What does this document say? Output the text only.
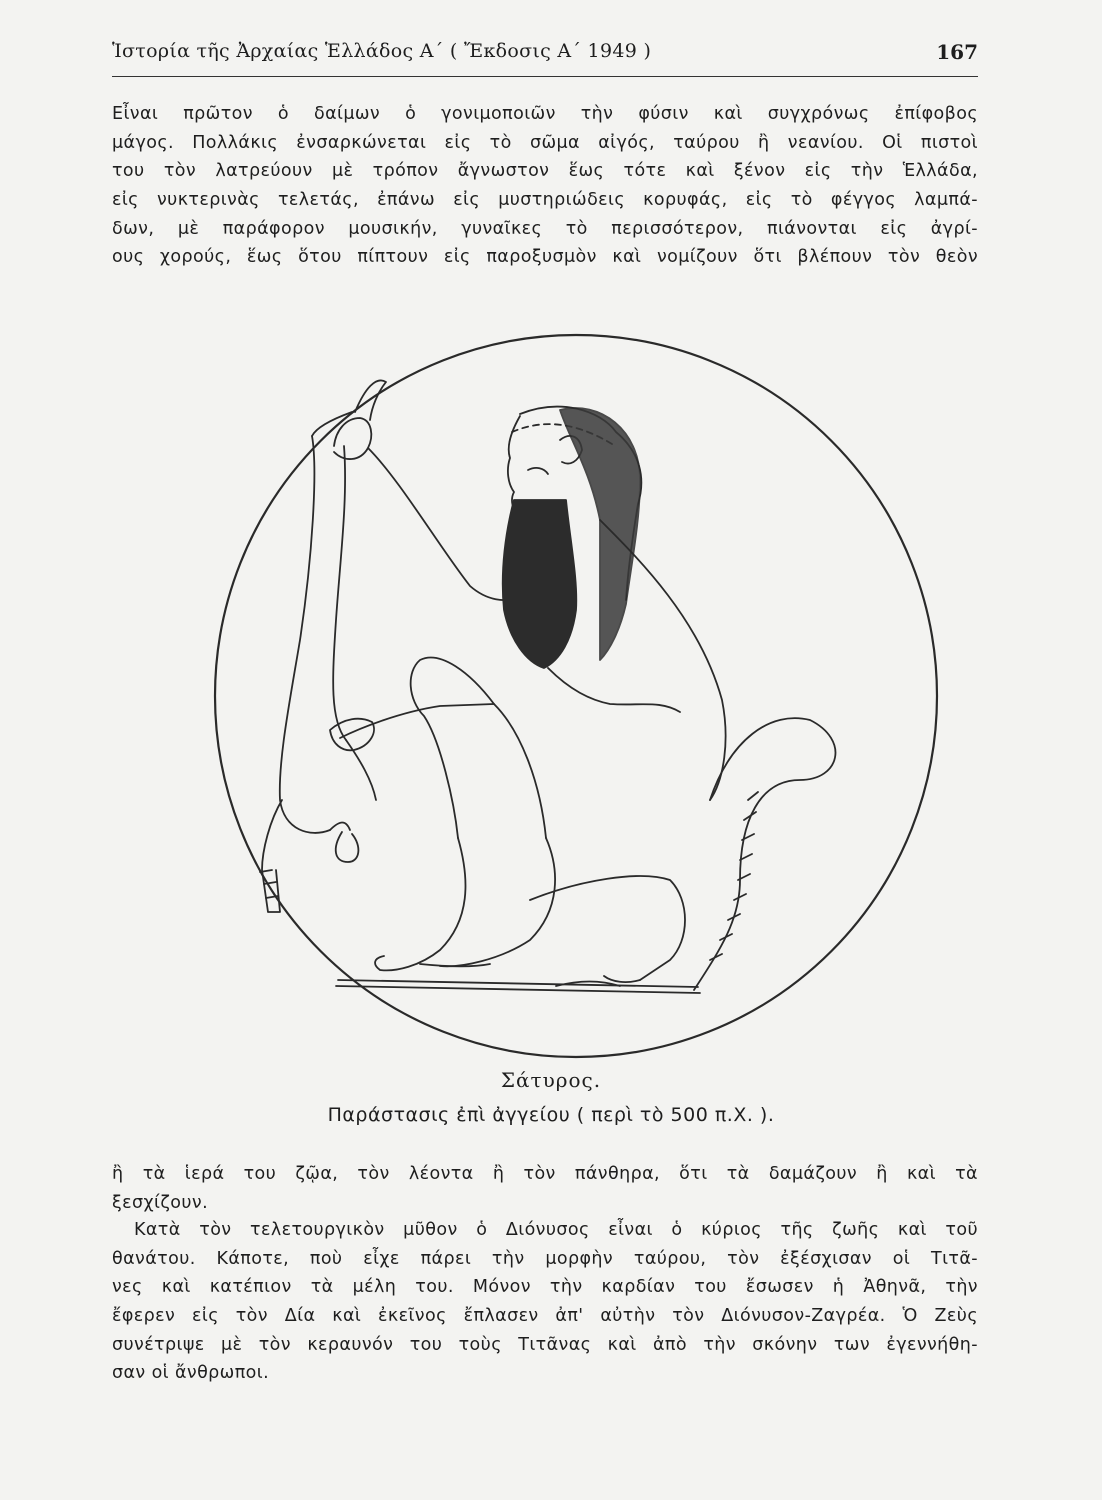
Ἱστορία τῆς Ἀρχαίας Ἑλλάδος Α΄ ( Ἔκδοσις Α΄ 1949 )	167
Εἶναι πρῶτον ὁ δαίμων ὁ γονιμοποιῶν τὴν φύσιν καὶ συγχρόνως ἐπίφοβος
μάγος. Πολλάκις ἐνσαρκώνεται εἰς τὸ σῶμα αἰγός, ταύρου ἢ νεανίου. Οἱ πιστοὶ
του τὸν λατρεύουν μὲ τρόπον ἄγνωστον ἕως τότε καὶ ξένον εἰς τὴν Ἑλλάδα,
εἰς νυκτερινὰς τελετάς, ἐπάνω εἰς μυστηριώδεις κορυφάς, εἰς τὸ φέγγος λαμπά-
δων, μὲ παράφορον μουσικήν, γυναῖκες τὸ περισσότερον, πιάνονται εἰς ἀγρί-
ους χορούς, ἕως ὅτου πίπτουν εἰς παροξυσμὸν καὶ νομίζουν ὅτι βλέπουν τὸν θεὸν
Σάτυρος.
Παράστασις ἐπὶ ἀγγείου ( περὶ τὸ 500 π.Χ. ).
ἢ τὰ ἱερά του ζῷα, τὸν λέοντα ἢ τὸν πάνθηρα, ὅτι τὰ δαμάζουν ἢ καὶ τὰ
ξεσχίζουν.
Κατὰ τὸν τελετουργικὸν μῦθον ὁ Διόνυσος εἶναι ὁ κύριος τῆς ζωῆς καὶ τοῦ
θανάτου. Κάποτε, ποὺ εἶχε πάρει τὴν μορφὴν ταύρου, τὸν ἐξέσχισαν οἱ Τιτᾶ-
νες καὶ κατέπιον τὰ μέλη του. Μόνον τὴν καρδίαν του ἔσωσεν ἡ Ἀθηνᾶ, τὴν
ἔφερεν εἰς τὸν Δία καὶ ἐκεῖνος ἔπλασεν ἀπ' αὐτὴν τὸν Διόνυσον-Ζαγρέα. Ὁ Ζεὺς
συνέτριψε μὲ τὸν κεραυνόν του τοὺς Τιτᾶνας καὶ ἀπὸ τὴν σκόνην των ἐγεννήθη-
σαν οἱ ἄνθρωποι.
